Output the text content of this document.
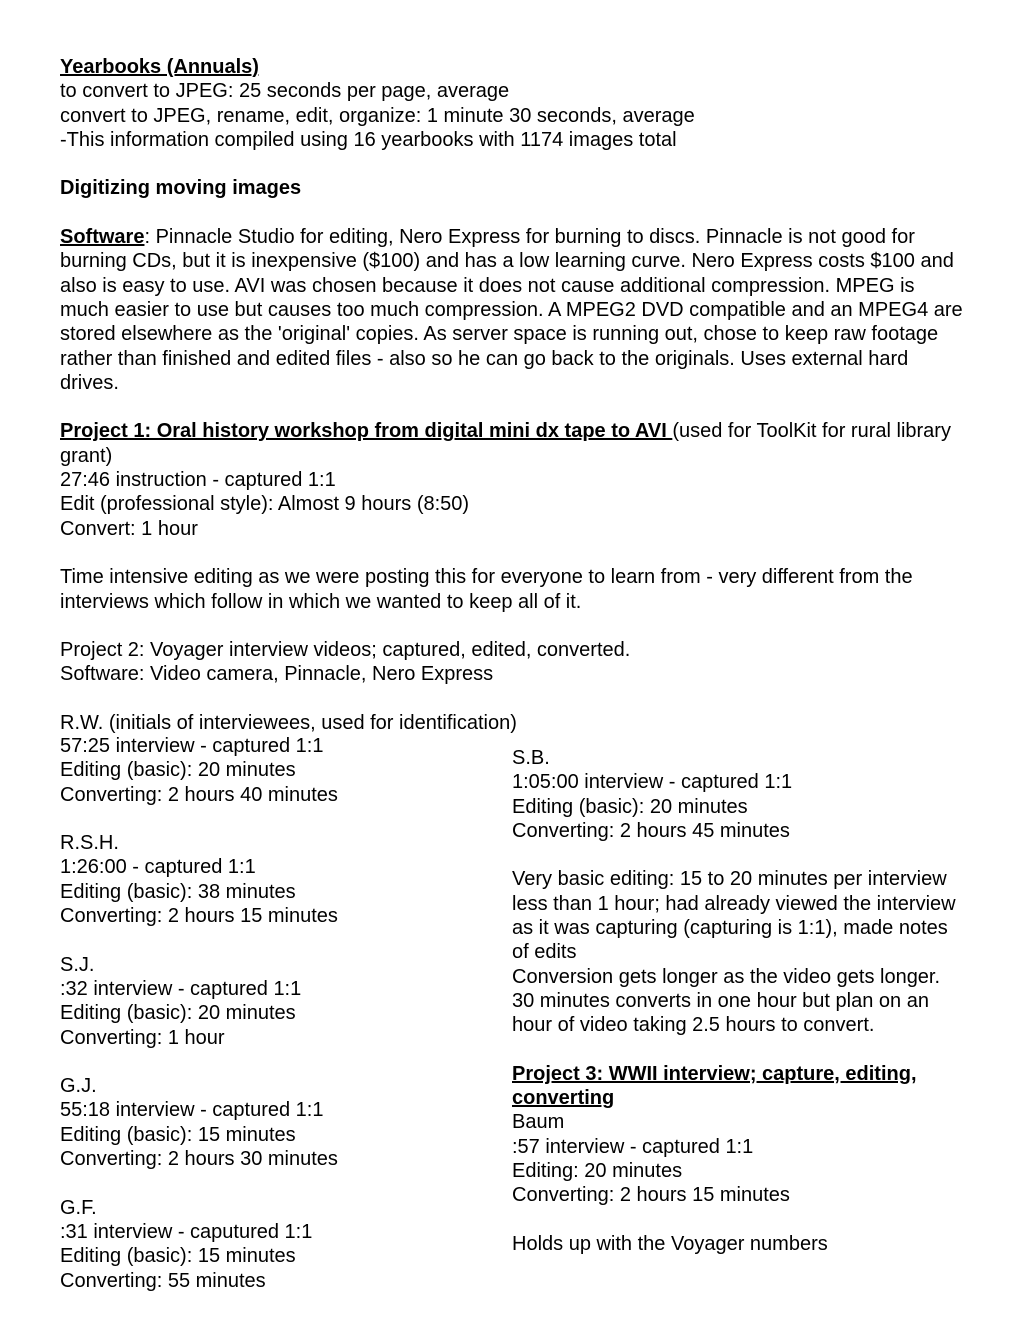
Yearbooks (Annuals)

to convert to JPEG: 25 seconds per page, average

convert to JPEG, rename, edit, organize: 1 minute 30 seconds, average

-This information compiled using 16 yearbooks with 1174 images total

Digitizing moving images

Software: Pinnacle Studio for editing, Nero Express for burning to discs. Pinnacle is not good for burning CDs, but it is inexpensive ($100) and has a low learning curve. Nero Express costs $100 and also is easy to use. AVI was chosen because it does not cause additional compression. MPEG is much easier to use but causes too much compression. A MPEG2 DVD compatible and an MPEG4 are stored elsewhere as the 'original' copies. As server space is running out, chose to keep raw footage rather than finished and edited files - also so he can go back to the originals. Uses external hard drives.

Project 1: Oral history workshop from digital mini dx tape to AVI (used for ToolKit for rural library grant)

27:46 instruction - captured 1:1

Edit (professional style): Almost 9 hours (8:50)

Convert: 1 hour

Time intensive editing as we were posting this for everyone to learn from - very different from the interviews which follow in which we wanted to keep all of it.

Project 2: Voyager interview videos; captured, edited, converted.

Software: Video camera, Pinnacle, Nero Express

R.W. (initials of interviewees, used for identification)

57:25 interview - captured 1:1

Editing (basic): 20 minutes

Converting: 2 hours 40 minutes

R.S.H.

1:26:00 - captured 1:1

Editing (basic): 38 minutes

Converting: 2 hours 15 minutes

S.J.

:32 interview - captured 1:1

Editing (basic): 20 minutes

Converting: 1 hour

G.J.

55:18 interview - captured 1:1

Editing (basic): 15 minutes

Converting: 2 hours 30 minutes

G.F.

:31 interview - caputured 1:1

Editing (basic): 15 minutes

Converting: 55 minutes

S.B.

1:05:00 interview - captured 1:1

Editing (basic): 20 minutes

Converting: 2 hours 45 minutes

Very basic editing: 15 to 20 minutes per interview less than 1 hour; had already viewed the interview as it was capturing (capturing is 1:1), made notes of edits

Conversion gets longer as the video gets longer. 30 minutes converts in one hour but plan on an hour of video taking 2.5 hours to convert.

Project 3: WWII interview; capture, editing, converting

Baum

:57 interview - captured 1:1

Editing: 20 minutes

Converting: 2 hours 15 minutes

Holds up with the Voyager numbers
